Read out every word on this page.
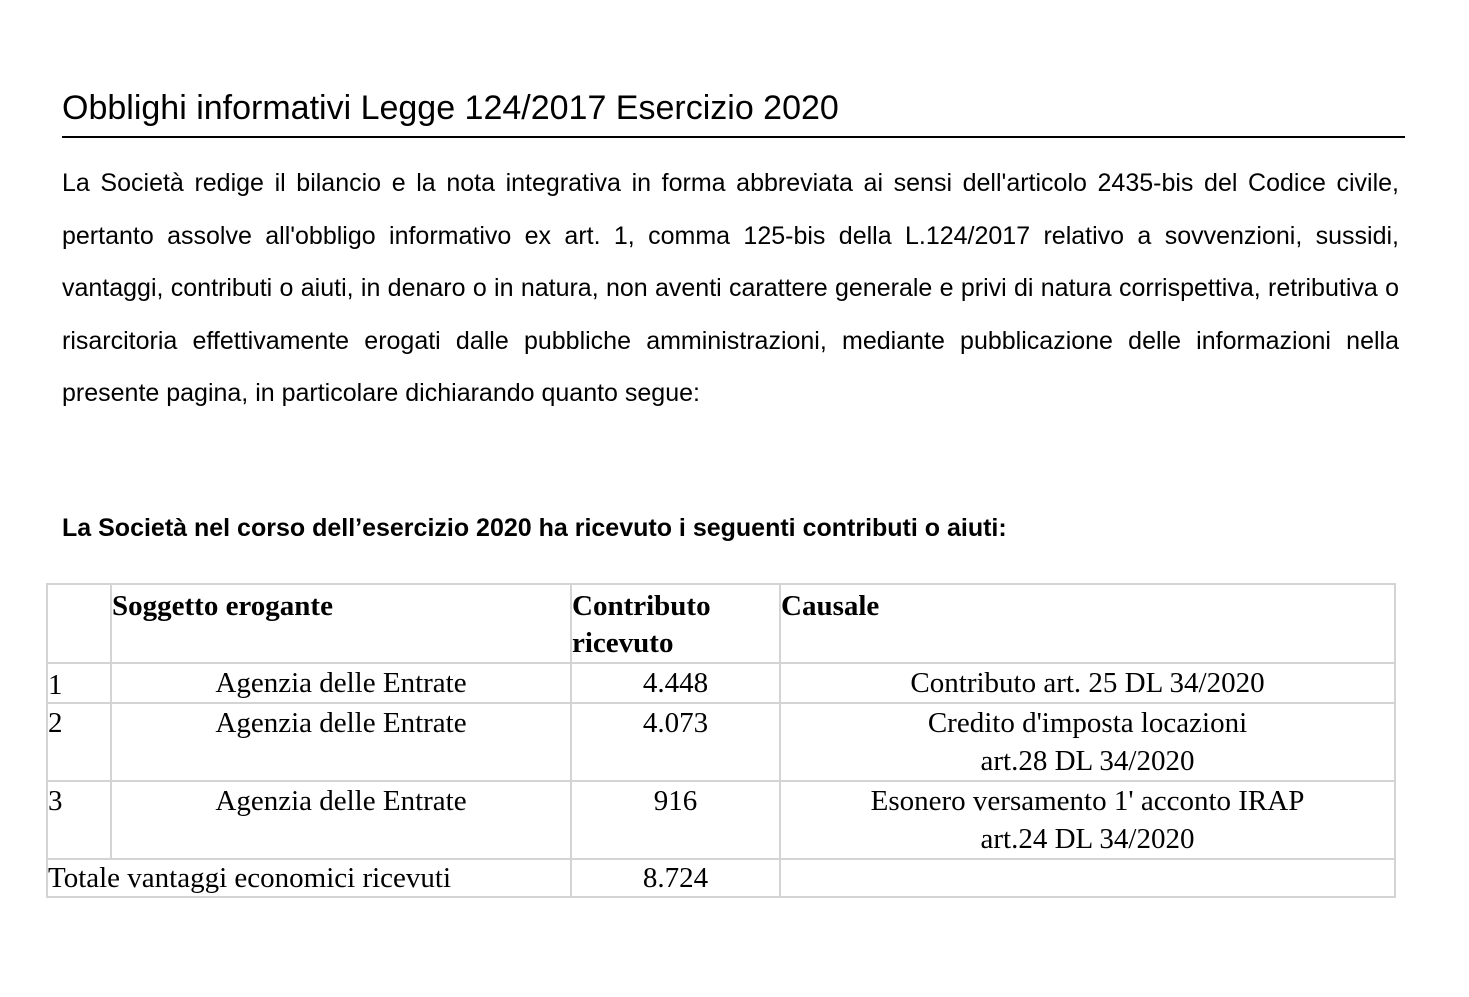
Obblighi informativi Legge 124/2017 Esercizio 2020

La Società redige il bilancio e la nota integrativa in forma abbreviata ai sensi dell'articolo 2435-bis del Codice civile, pertanto assolve all'obbligo informativo ex art. 1, comma 125-bis della L.124/2017 relativo a sovvenzioni, sussidi, vantaggi, contributi o aiuti, in denaro o in natura, non aventi carattere generale e privi di natura corrispettiva, retributiva o risarcitoria effettivamente erogati dalle pubbliche amministrazioni, mediante pubblicazione delle informazioni nella presente pagina, in particolare dichiarando quanto segue:

La Società nel corso dell’esercizio 2020 ha ricevuto i seguenti contributi o aiuti:
	Soggetto erogante	Contributo ricevuto	Causale
1	Agenzia delle Entrate	4.448	Contributo art. 25 DL 34/2020
2	Agenzia delle Entrate	4.073	Credito d'imposta locazioni
art.28 DL 34/2020
3	Agenzia delle Entrate	916	Esonero versamento 1' acconto IRAP
art.24 DL 34/2020
Totale vantaggi economici ricevuti		8.724	
